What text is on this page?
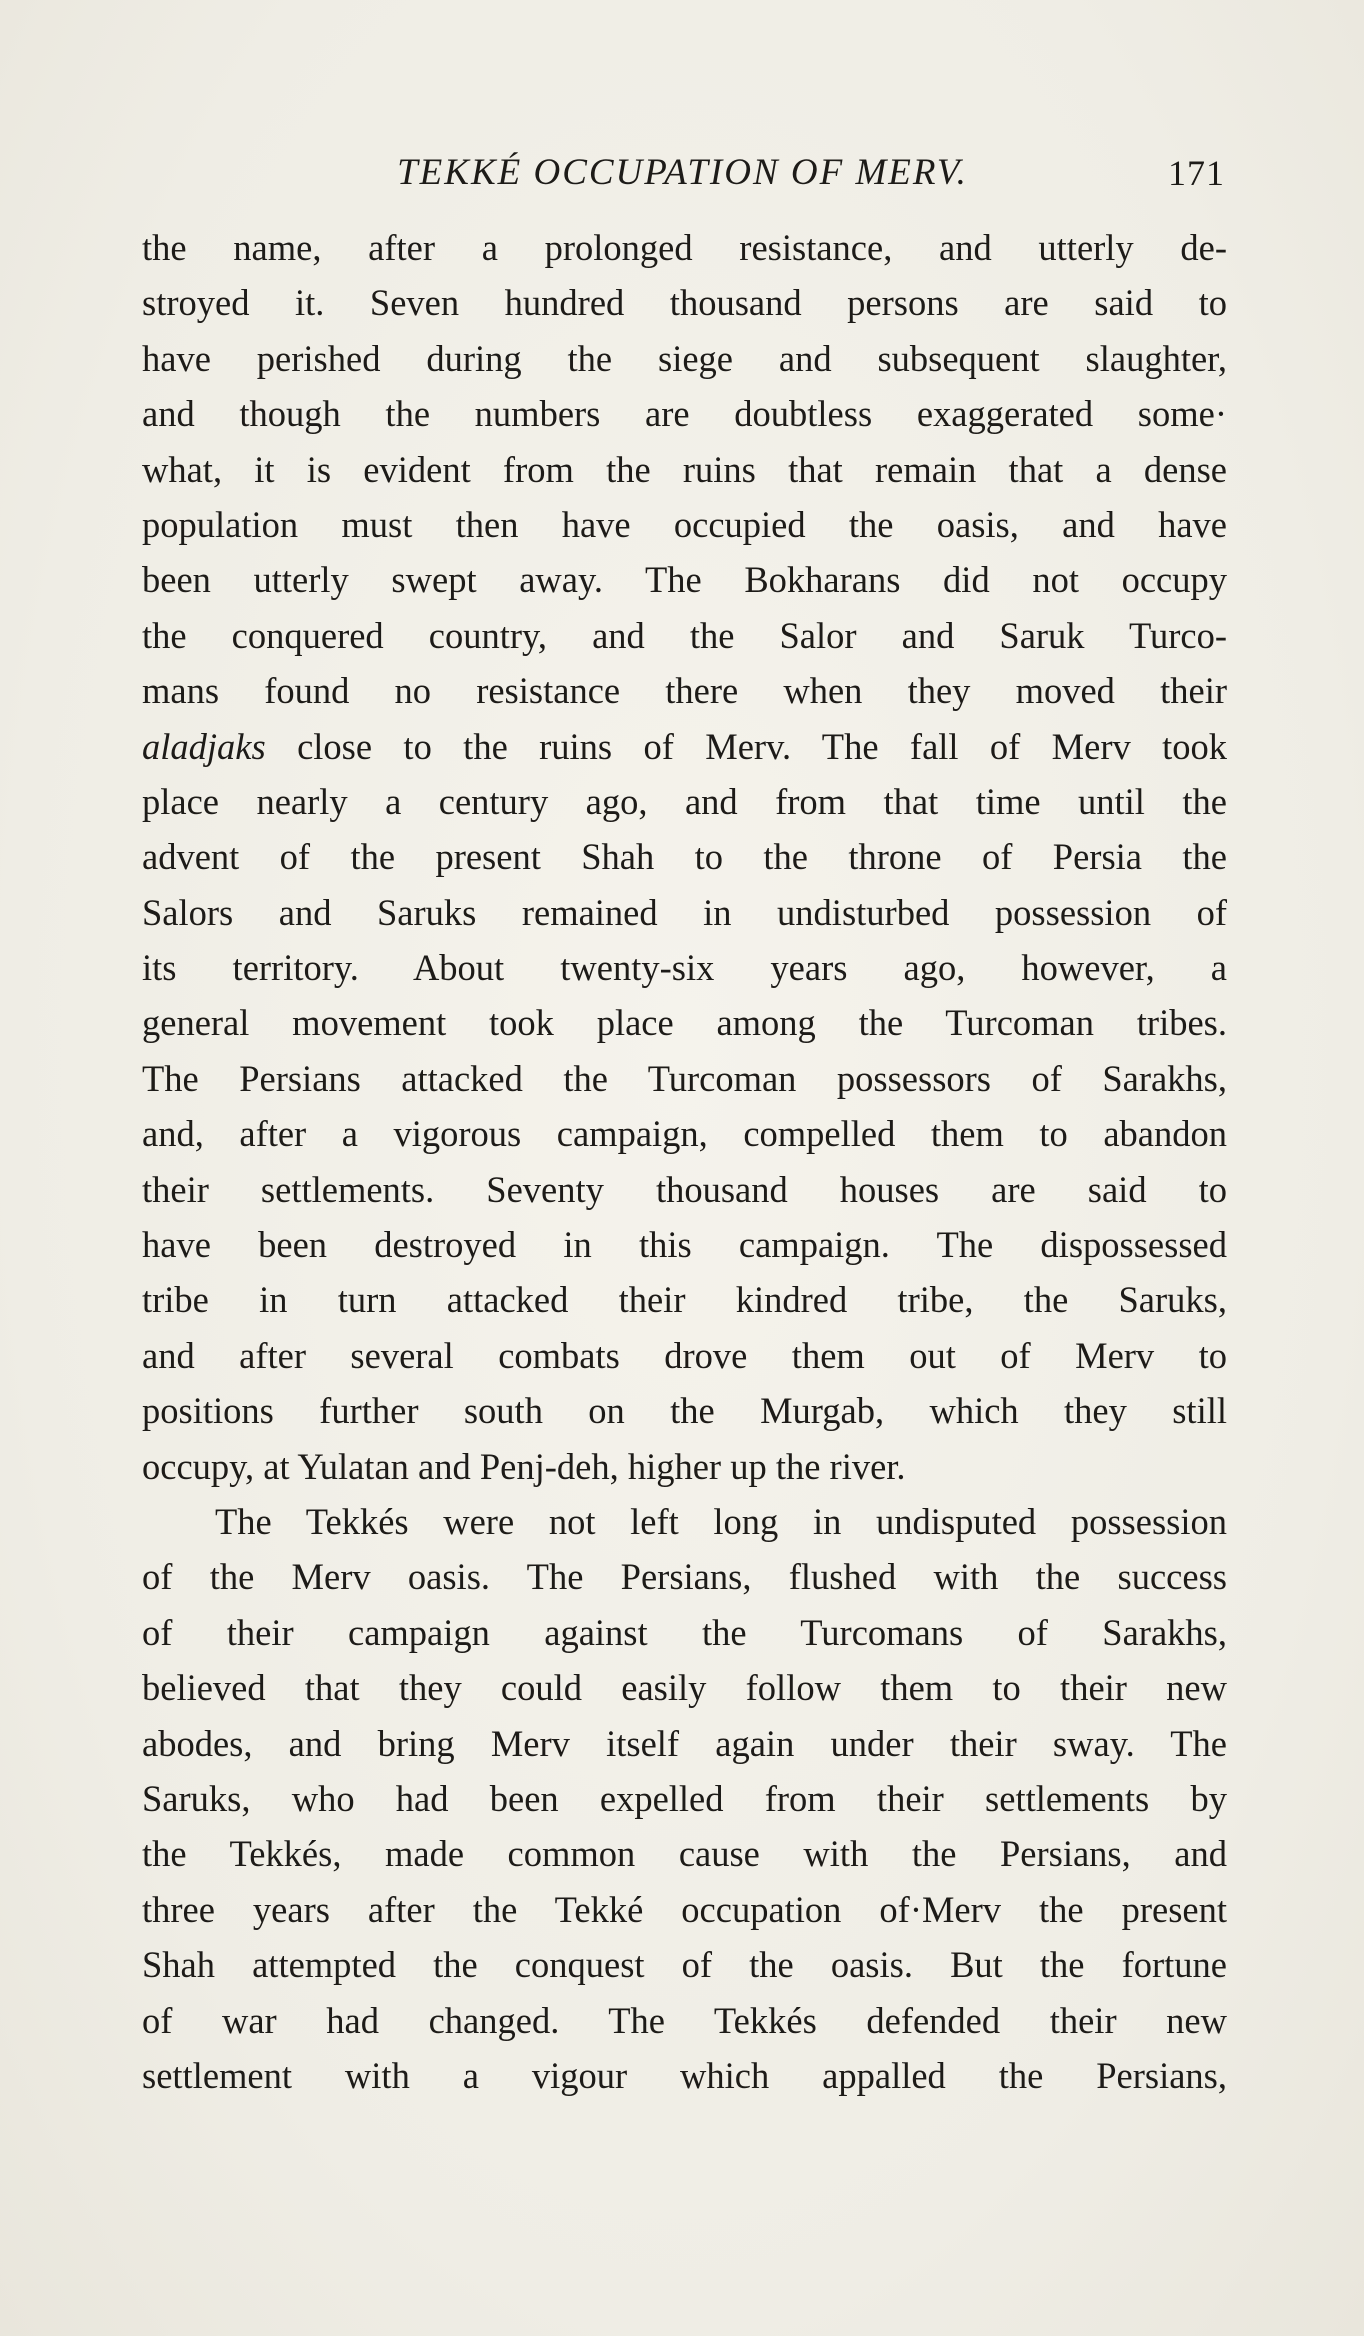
TEKKÉ OCCUPATION OF MERV.	171
the name, after a prolonged resistance, and utterly de-
stroyed it. Seven hundred thousand persons are said to
have perished during the siege and subsequent slaughter,
and though the numbers are doubtless exaggerated some·
what, it is evident from the ruins that remain that a dense
population must then have occupied the oasis, and have
been utterly swept away. The Bokharans did not occupy
the conquered country, and the Salor and Saruk Turco-
mans found no resistance there when they moved their
aladjaks close to the ruins of Merv. The fall of Merv took
place nearly a century ago, and from that time until the
advent of the present Shah to the throne of Persia the
Salors and Saruks remained in undisturbed possession of
its territory. About twenty-six years ago, however, a
general movement took place among the Turcoman tribes.
The Persians attacked the Turcoman possessors of Sarakhs,
and, after a vigorous campaign, compelled them to abandon
their settlements. Seventy thousand houses are said to
have been destroyed in this campaign. The dispossessed
tribe in turn attacked their kindred tribe, the Saruks,
and after several combats drove them out of Merv to
positions further south on the Murgab, which they still
occupy, at Yulatan and Penj-deh, higher up the river.
The Tekkés were not left long in undisputed possession
of the Merv oasis. The Persians, flushed with the success
of their campaign against the Turcomans of Sarakhs,
believed that they could easily follow them to their new
abodes, and bring Merv itself again under their sway. The
Saruks, who had been expelled from their settlements by
the Tekkés, made common cause with the Persians, and
three years after the Tekké occupation of·Merv the present
Shah attempted the conquest of the oasis. But the fortune
of war had changed. The Tekkés defended their new
settlement with a vigour which appalled the Persians,
